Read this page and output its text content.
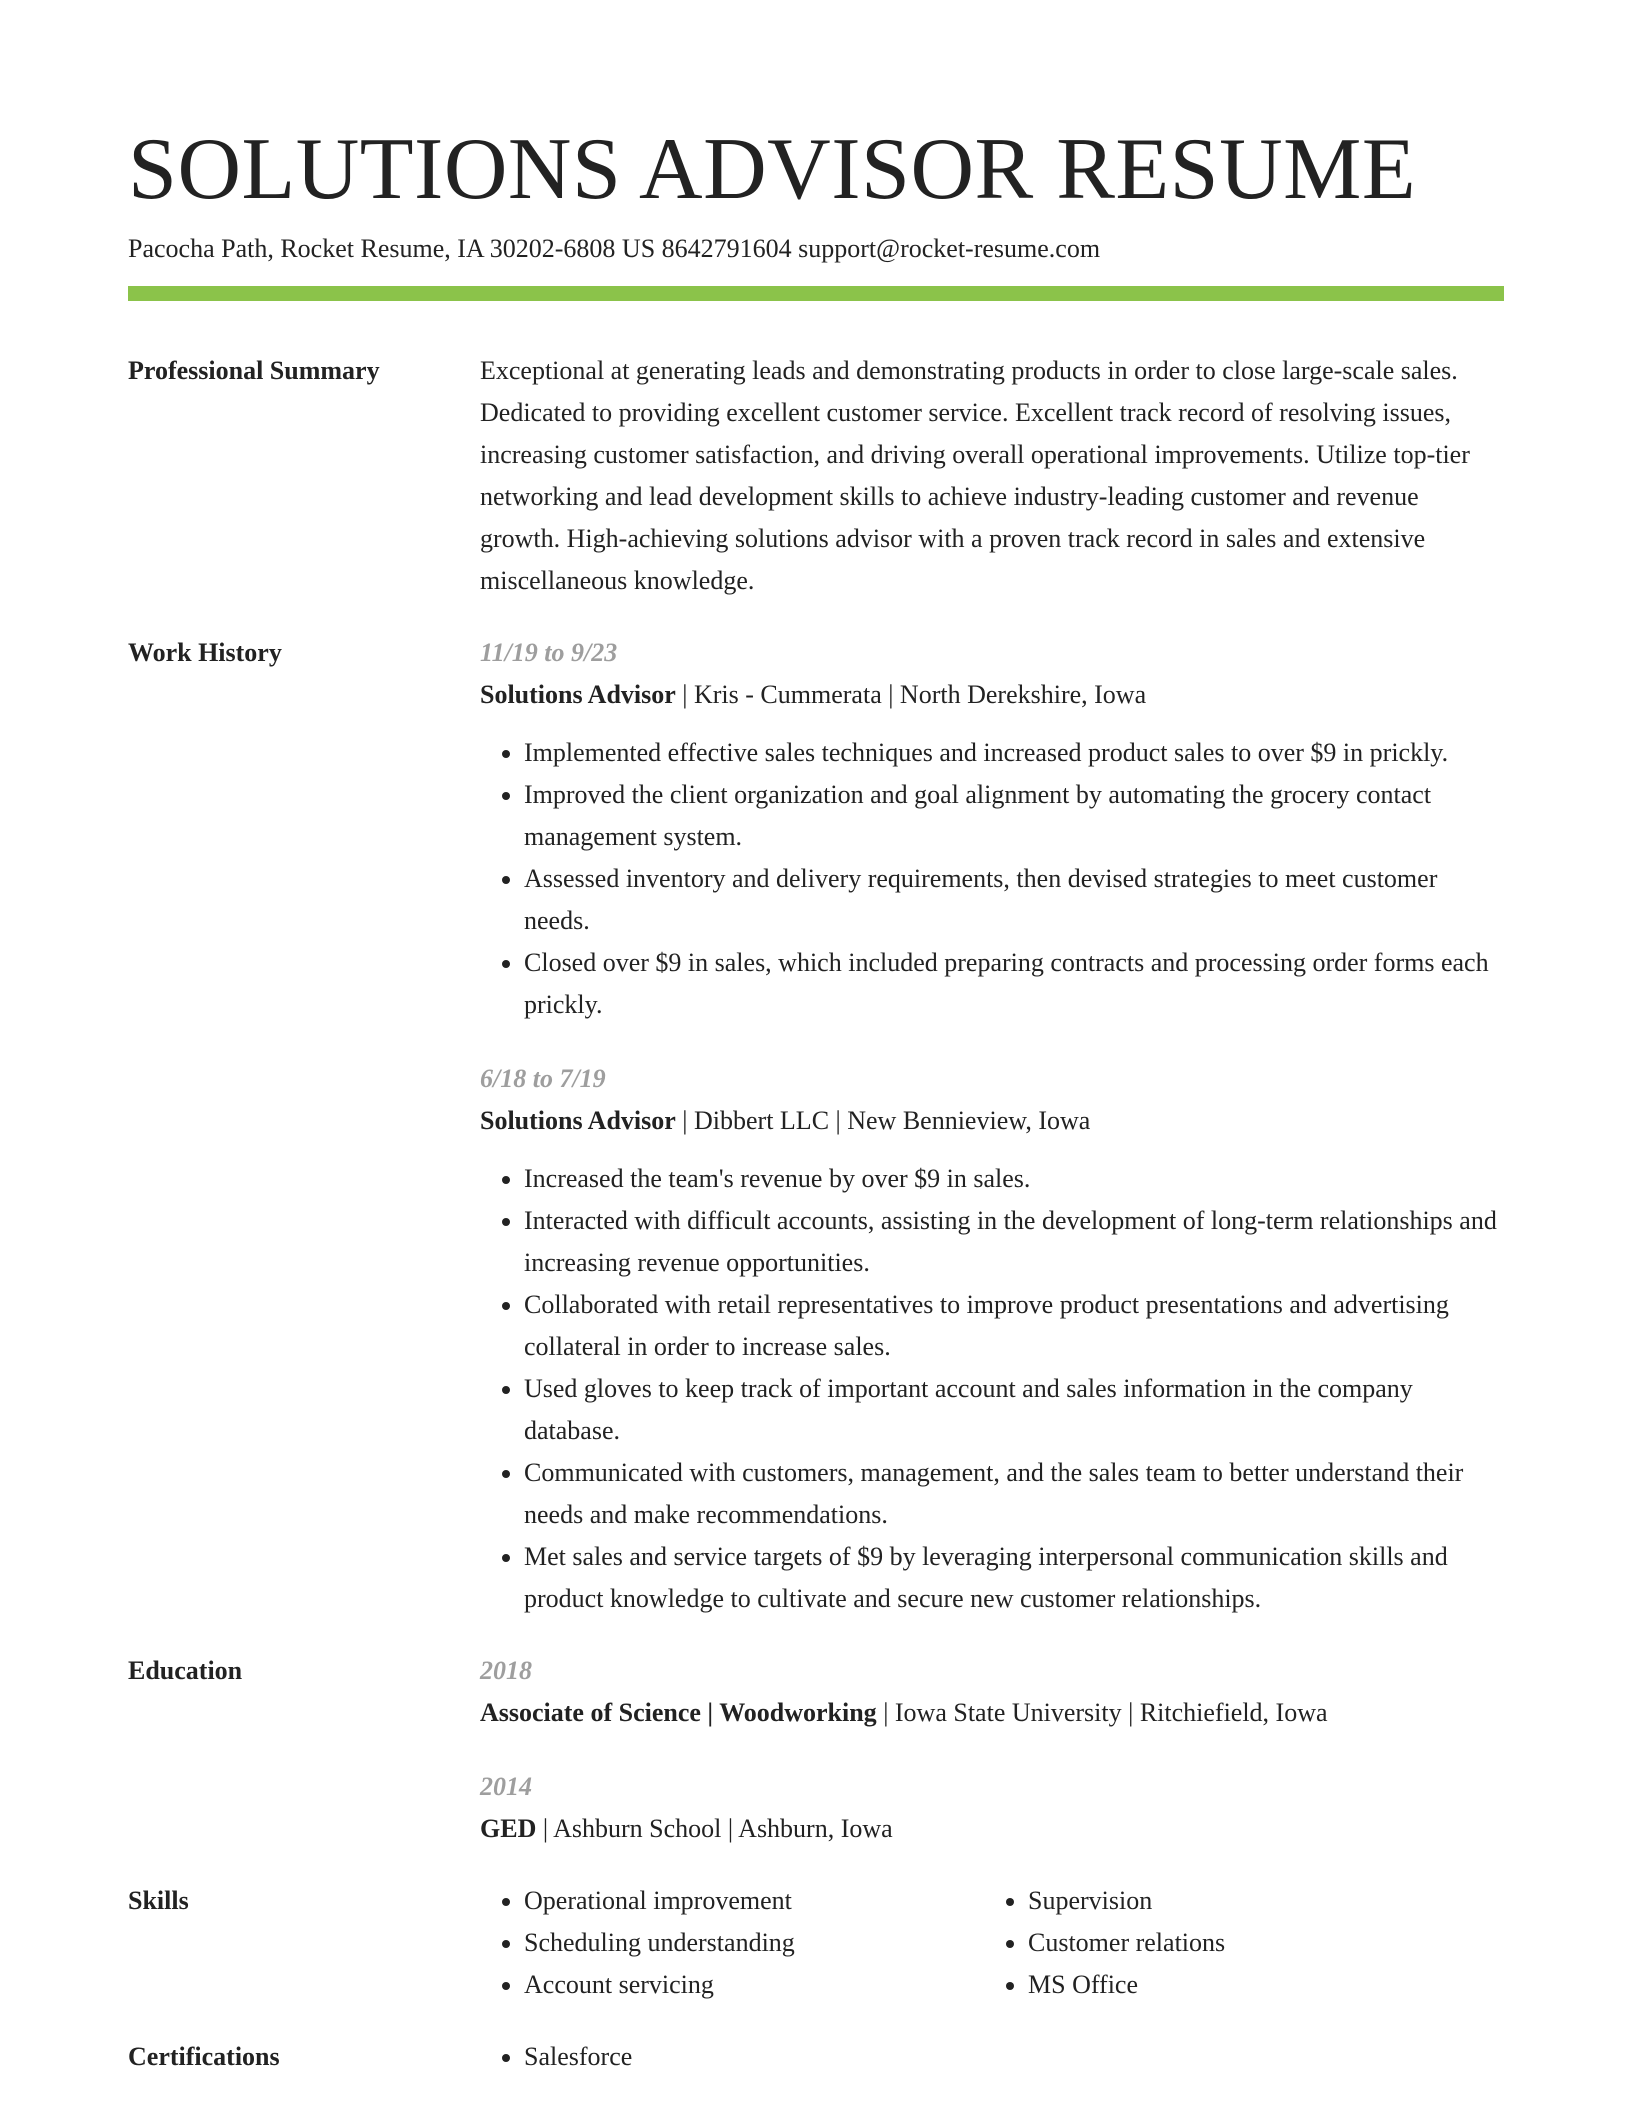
SOLUTIONS ADVISOR RESUME
Pacocha Path, Rocket Resume, IA 30202-6808 US 8642791604 support@rocket-resume.com
Professional Summary	Exceptional at generating leads and demonstrating products in order to close large-scale sales. Dedicated to providing excellent customer service. Excellent track record of resolving issues, increasing customer satisfaction, and driving overall operational improvements. Utilize top-tier networking and lead development skills to achieve industry-leading customer and revenue growth. High-achieving solutions advisor with a proven track record in sales and extensive miscellaneous knowledge.

Work History	11/19 to 9/23
Solutions Advisor | Kris - Cummerata | North Derekshire, Iowa
• Implemented effective sales techniques and increased product sales to over $9 in prickly.
• Improved the client organization and goal alignment by automating the grocery contact management system.
• Assessed inventory and delivery requirements, then devised strategies to meet customer needs.
• Closed over $9 in sales, which included preparing contracts and processing order forms each prickly.
6/18 to 7/19
Solutions Advisor | Dibbert LLC | New Bennieview, Iowa
• Increased the team's revenue by over $9 in sales.
• Interacted with difficult accounts, assisting in the development of long-term relationships and increasing revenue opportunities.
• Collaborated with retail representatives to improve product presentations and advertising collateral in order to increase sales.
• Used gloves to keep track of important account and sales information in the company database.
• Communicated with customers, management, and the sales team to better understand their needs and make recommendations.
• Met sales and service targets of $9 by leveraging interpersonal communication skills and product knowledge to cultivate and secure new customer relationships.
Education	2018
Associate of Science | Woodworking | Iowa State University | Ritchiefield, Iowa
2014
GED | Ashburn School | Ashburn, Iowa
Skills	• Operational improvement
• Scheduling understanding
• Account servicing
• Supervision
• Customer relations
• MS Office
Certifications	• Salesforce
